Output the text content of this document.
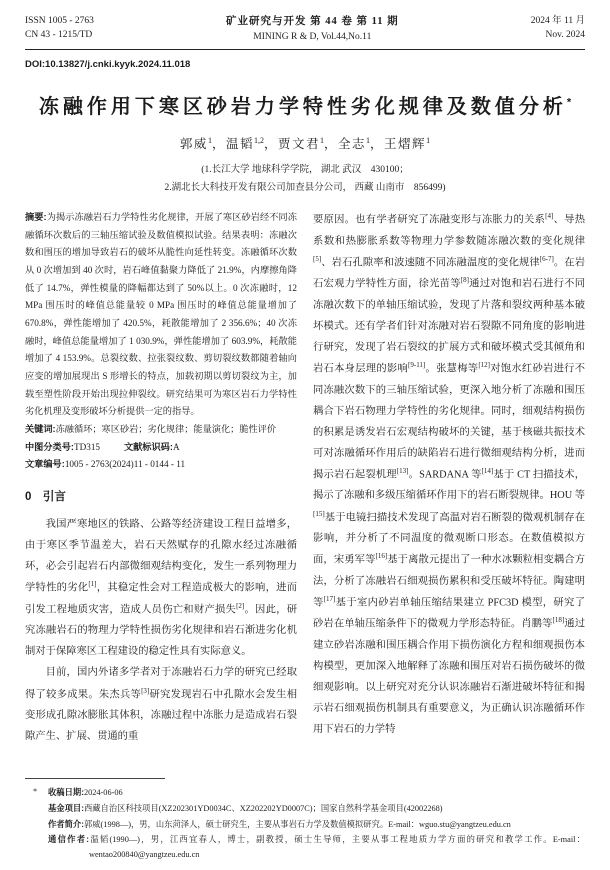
ISSN 1005 - 2763
CN 43 - 1215/TD
矿业研究与开发 第 44 卷 第 11 期
MINING R & D, Vol.44,No.11
2024 年 11 月
Nov. 2024
DOI:10.13827/j.cnki.kyyk.2024.11.018
冻融作用下寒区砂岩力学特性劣化规律及数值分析*
郭威$^1$，温韬$^{1,2}$，贾文君$^1$，全志$^1$，王熠辉$^1$
(1.长江大学 地球科学学院， 湖北 武汉　430100；
2.湖北长大科技开发有限公司加查县分公司， 西藏 山南市　856499)

摘要:为揭示冻融岩石力学特性劣化规律，开展了寒区砂岩经不同冻融循环次数后的三轴压缩试验及数值模拟试验。结果表明：冻融次数和围压的增加导致岩石的破坏从脆性向延性转变。冻融循环次数从 0 次增加到 40 次时，岩石峰值黏聚力降低了 21.9%，内摩擦角降低了 14.7%，弹性模量的降幅都达到了 50%以上。0 次冻融时，12 MPa 围压时的峰值总能量较 0 MPa 围压时的峰值总能量增加了 670.8%，弹性能增加了 420.5%，耗散能增加了 2 356.6%；40 次冻融时，峰值总能量增加了 1 030.9%，弹性能增加了 603.9%，耗散能增加了 4 153.9%。总裂纹数、拉张裂纹数、剪切裂纹数都随着轴向应变的增加展现出 S 形增长的特点，加载初期以剪切裂纹为主，加载至塑性阶段开始出现拉伸裂纹。研究结果可为寒区岩石力学特性劣化机理及变形破坏分析提供一定的指导。

关键词:冻融循环；寒区砂岩；劣化规律；能量演化；脆性评价

中图分类号:TD315	文献标识码:A

文章编号:1005 - 2763(2024)11 - 0144 - 11

0 引言

我国严寒地区的铁路、公路等经济建设工程日益增多，由于寒区季节温差大，岩石天然赋存的孔隙水经过冻融循环，必会引起岩石内部微细观结构变化，发生一系列物理力学特性的劣化[1]，其稳定性会对工程造成极大的影响，进而引发工程地质灾害，造成人员伤亡和财产损失[2]。因此，研究冻融岩石的物理力学特性损伤劣化规律和岩石渐进劣化机制对于保障寒区工程建设的稳定性具有实际意义。

目前，国内外诸多学者对于冻融岩石力学的研究已经取得了较多成果。朱杰兵等[3]研究发现岩石中孔隙水会发生相变形成孔隙冰膨胀其体积，冻融过程中冻胀力是造成岩石裂隙产生、扩展、贯通的重

要原因。也有学者研究了冻融变形与冻胀力的关系[4]、导热系数和热膨胀系数等物理力学参数随冻融次数的变化规律[5]、岩石孔隙率和波速随不同冻融温度的变化规律[6-7]。在岩石宏观力学特性方面，徐光苗等[8]通过对饱和岩石进行不同冻融次数下的单轴压缩试验，发现了片落和裂纹两种基本破坏模式。还有学者们针对冻融对岩石裂隙不同角度的影响进行研究，发现了岩石裂纹的扩展方式和破坏模式受其倾角和岩石本身层理的影响[9-11]。张慧梅等[12]对饱水红砂岩进行不同冻融次数下的三轴压缩试验，更深入地分析了冻融和围压耦合下岩石物理力学特性的劣化规律。同时，细观结构损伤的积累是诱发岩石宏观结构破坏的关键，基于核磁共振技术可对冻融循环作用后的缺陷岩石进行微细观结构分析，进而揭示岩石起裂机理[13]。SARDANA 等[14]基于 CT 扫描技术，揭示了冻融和多级压缩循环作用下的岩石断裂规律。HOU 等[15]基于电镜扫描技术发现了高温对岩石断裂的微观机制存在影响，并分析了不同温度的微观断口形态。在数值模拟方面，宋勇军等[16]基于离散元提出了一种水冰颗粒相变耦合方法，分析了冻融岩石细观损伤累积和受压破坏特征。陶建明等[17]基于室内砂岩单轴压缩结果建立 PFC3D 模型，研究了砂岩在单轴压缩条件下的微观力学形态特征。肖鹏等[18]通过建立砂岩冻融和围压耦合作用下损伤演化方程和细观损伤本构模型，更加深入地解释了冻融和围压对岩石损伤破坏的微细观影响。以上研究对充分认识冻融岩石渐进破坏特征和揭示岩石细观损伤机制具有重要意义，为正确认识冻融循环作用下岩石的力学特

* 收稿日期:2024-06-06
基金项目:西藏自治区科技项目(XZ202301YD0034C、XZ202202YD0007C)；国家自然科学基金项目(42002268)
作者简介:郭威(1998—)，男，山东菏泽人，硕士研究生，主要从事岩石力学及数值模拟研究。E-mail：wguo.stu@yangtzeu.edu.cn
通信作者:温韬(1990—)，男，江西宜春人，博士，副教授，硕士生导师，主要从事工程地质力学方面的研究和教学工作。E-mail：wentao200840@yangtzeu.edu.cn
